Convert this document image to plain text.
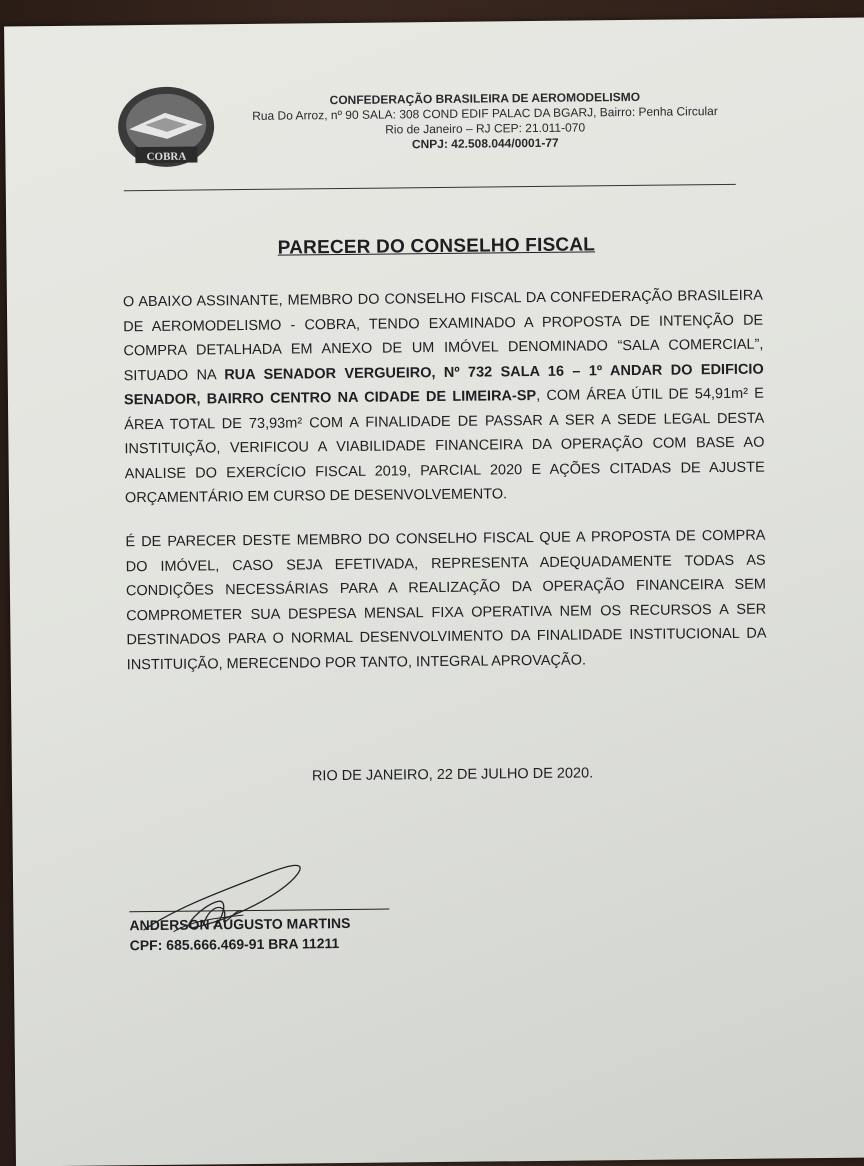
COBRA
CONFEDERAÇÃO BRASILEIRA DE AEROMODELISMO
Rua Do Arroz, nº 90 SALA: 308 COND EDIF PALAC DA BGARJ, Bairro: Penha Circular
Rio de Janeiro – RJ CEP: 21.011-070
CNPJ: 42.508.044/0001-77
PARECER DO CONSELHO FISCAL
O ABAIXO ASSINANTE, MEMBRO DO CONSELHO FISCAL DA CONFEDERAÇÃO BRASILEIRA DE AEROMODELISMO - COBRA, TENDO EXAMINADO A PROPOSTA DE INTENÇÃO DE COMPRA DETALHADA EM ANEXO DE UM IMÓVEL DENOMINADO “SALA COMERCIAL”, SITUADO NA RUA SENADOR VERGUEIRO, Nº 732 SALA 16 – 1º ANDAR DO EDIFICIO SENADOR, BAIRRO CENTRO NA CIDADE DE LIMEIRA-SP, COM ÁREA ÚTIL DE 54,91m² E ÁREA TOTAL DE 73,93m² COM A FINALIDADE DE PASSAR A SER A SEDE LEGAL DESTA INSTITUIÇÃO, VERIFICOU A VIABILIDADE FINANCEIRA DA OPERAÇÃO COM BASE AO ANALISE DO EXERCÍCIO FISCAL 2019, PARCIAL 2020 E AÇÕES CITADAS DE AJUSTE ORÇAMENTÁRIO EM CURSO DE DESENVOLVEMENTO.
É DE PARECER DESTE MEMBRO DO CONSELHO FISCAL QUE A PROPOSTA DE COMPRA DO IMÓVEL, CASO SEJA EFETIVADA, REPRESENTA ADEQUADAMENTE TODAS AS CONDIÇÕES NECESSÁRIAS PARA A REALIZAÇÃO DA OPERAÇÃO FINANCEIRA SEM COMPROMETER SUA DESPESA MENSAL FIXA OPERATIVA NEM OS RECURSOS A SER DESTINADOS PARA O NORMAL DESENVOLVIMENTO DA FINALIDADE INSTITUCIONAL DA INSTITUIÇÃO, MERECENDO POR TANTO, INTEGRAL APROVAÇÃO.
RIO DE JANEIRO, 22 DE JULHO DE 2020.
ANDERSON AUGUSTO MARTINS
CPF: 685.666.469-91 BRA 11211
